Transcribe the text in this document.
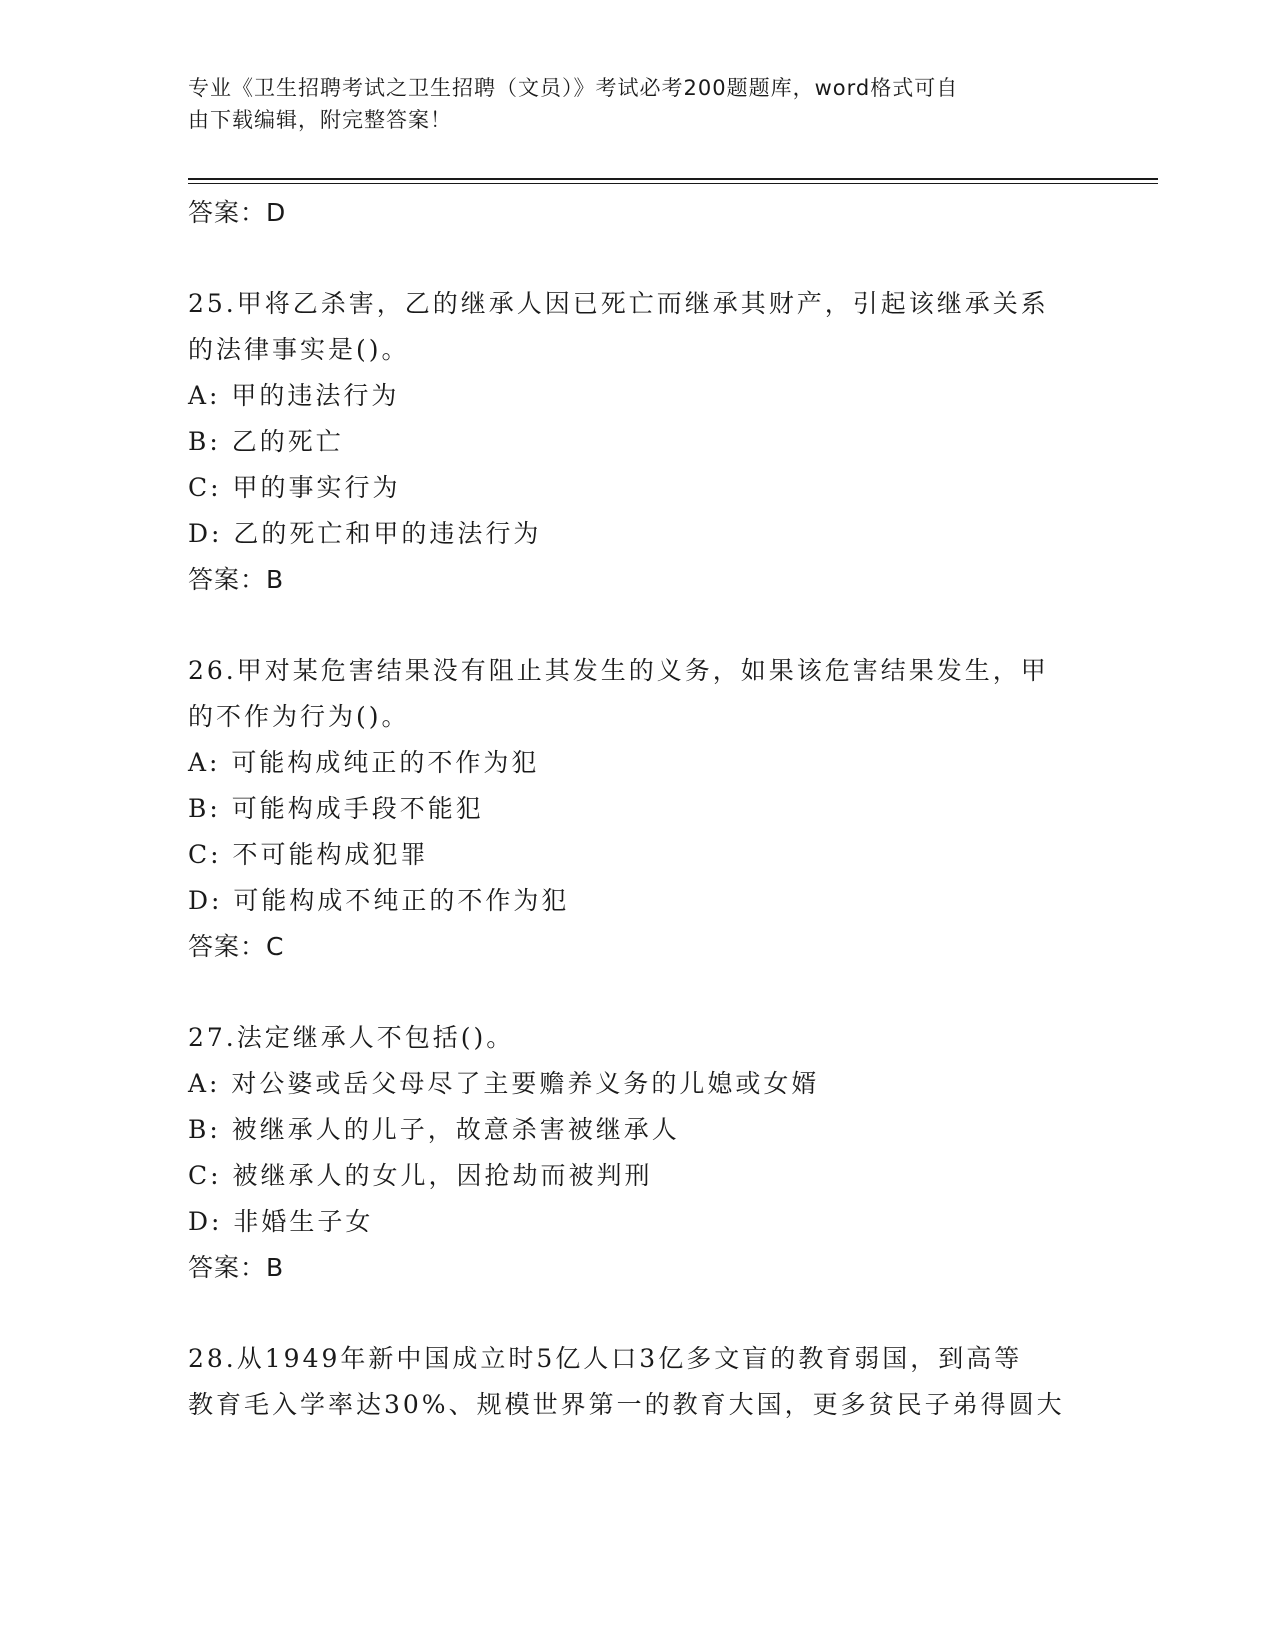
专业《卫生招聘考试之卫生招聘（文员）》考试必考200题题库，word格式可自
由下载编辑，附完整答案！
答案：D
25.甲将乙杀害，乙的继承人因已死亡而继承其财产，引起该继承关系
的法律事实是()。
A: 甲的违法行为
B: 乙的死亡
C: 甲的事实行为
D: 乙的死亡和甲的违法行为
答案：B
26.甲对某危害结果没有阻止其发生的义务，如果该危害结果发生，甲
的不作为行为()。
A: 可能构成纯正的不作为犯
B: 可能构成手段不能犯
C: 不可能构成犯罪
D: 可能构成不纯正的不作为犯
答案：C
27.法定继承人不包括()。
A: 对公婆或岳父母尽了主要赡养义务的儿媳或女婿
B: 被继承人的儿子，故意杀害被继承人
C: 被继承人的女儿，因抢劫而被判刑
D: 非婚生子女
答案：B
28.从1949年新中国成立时5亿人口3亿多文盲的教育弱国，到高等
教育毛入学率达30%、规模世界第一的教育大国，更多贫民子弟得圆大
